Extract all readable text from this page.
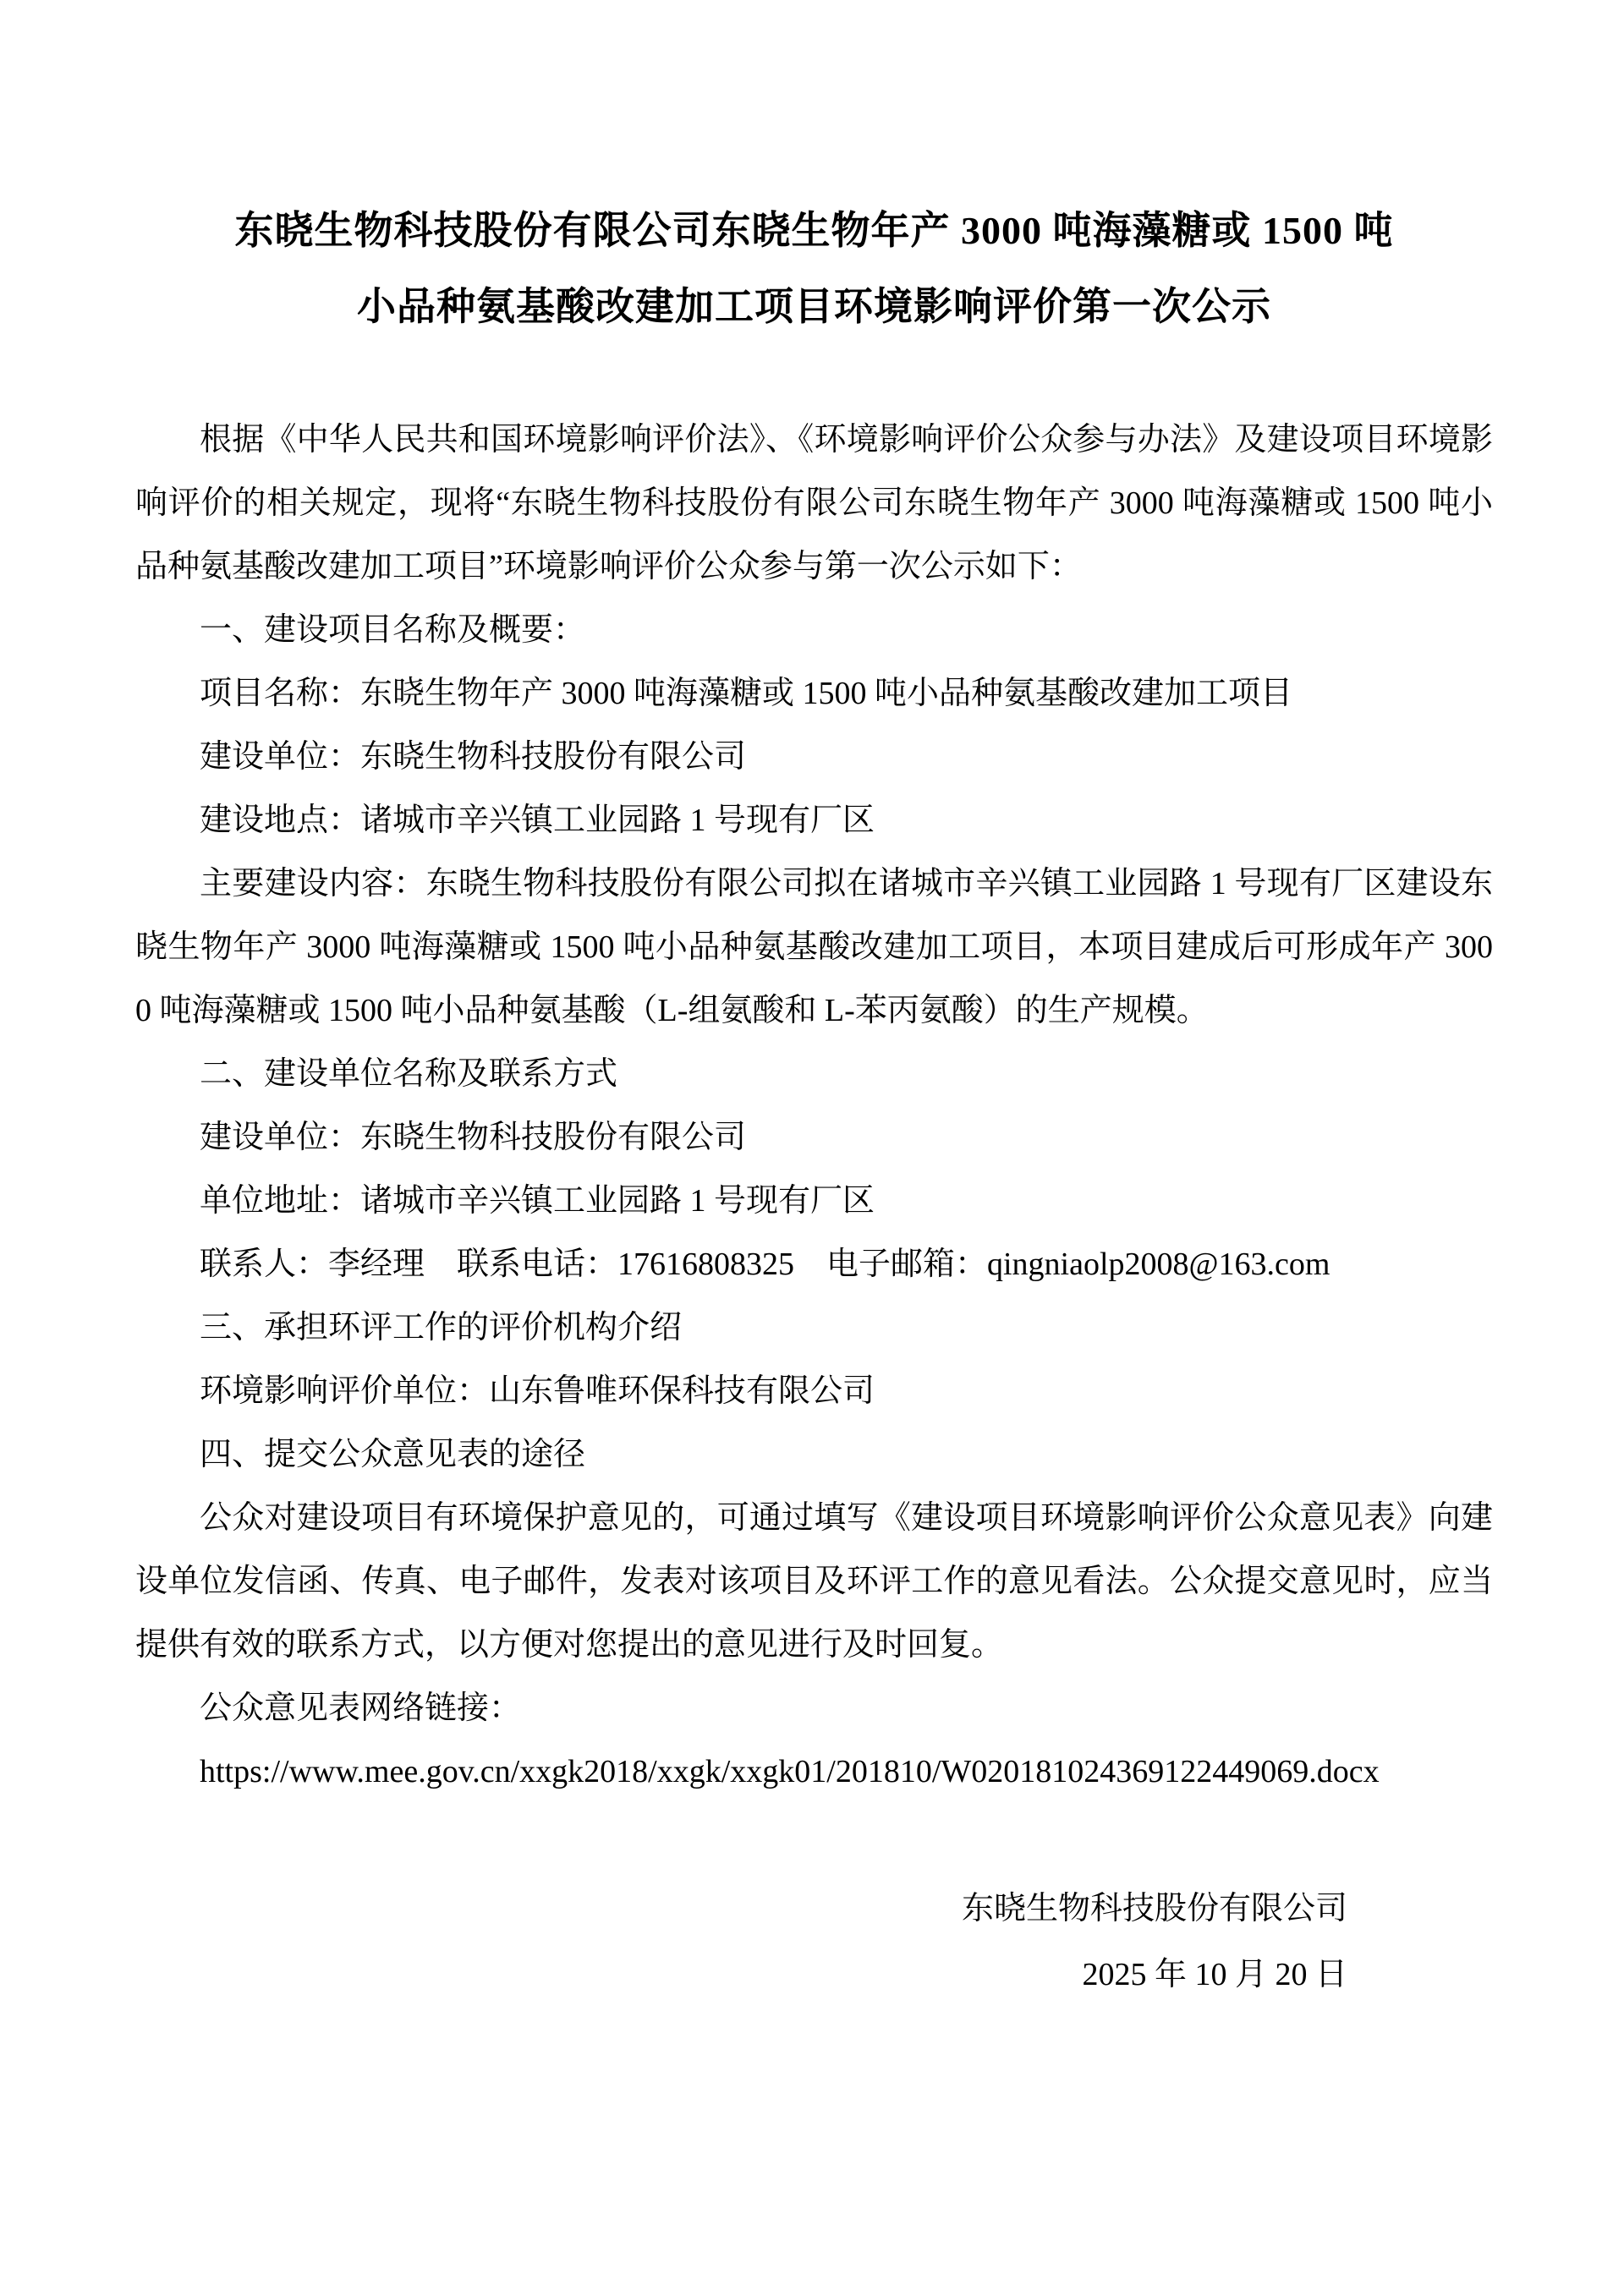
东晓生物科技股份有限公司东晓生物年产 3000 吨海藻糖或 1500 吨
小品种氨基酸改建加工项目环境影响评价第一次公示

根据《中华人民共和国环境影响评价法》、《环境影响评价公众参与办法》及建设项目环境影响评价的相关规定，现将“东晓生物科技股份有限公司东晓生物年产 3000 吨海藻糖或 1500 吨小品种氨基酸改建加工项目”环境影响评价公众参与第一次公示如下：

一、建设项目名称及概要：

项目名称：东晓生物年产 3000 吨海藻糖或 1500 吨小品种氨基酸改建加工项目

建设单位：东晓生物科技股份有限公司

建设地点：诸城市辛兴镇工业园路 1 号现有厂区

主要建设内容：东晓生物科技股份有限公司拟在诸城市辛兴镇工业园路 1 号现有厂区建设东晓生物年产 3000 吨海藻糖或 1500 吨小品种氨基酸改建加工项目，本项目建成后可形成年产 3000 吨海藻糖或 1500 吨小品种氨基酸（L-组氨酸和 L-苯丙氨酸）的生产规模。

二、建设单位名称及联系方式

建设单位：东晓生物科技股份有限公司

单位地址：诸城市辛兴镇工业园路 1 号现有厂区

联系人：李经理　联系电话：17616808325　电子邮箱：qingniaolp2008@163.com

三、承担环评工作的评价机构介绍

环境影响评价单位：山东鲁唯环保科技有限公司

四、提交公众意见表的途径

公众对建设项目有环境保护意见的，可通过填写《建设项目环境影响评价公众意见表》向建设单位发信函、传真、电子邮件，发表对该项目及环评工作的意见看法。公众提交意见时，应当提供有效的联系方式，以方便对您提出的意见进行及时回复。

公众意见表网络链接：

https://www.mee.gov.cn/xxgk2018/xxgk/xxgk01/201810/W020181024369122449069.docx

东晓生物科技股份有限公司
2025 年 10 月 20 日
